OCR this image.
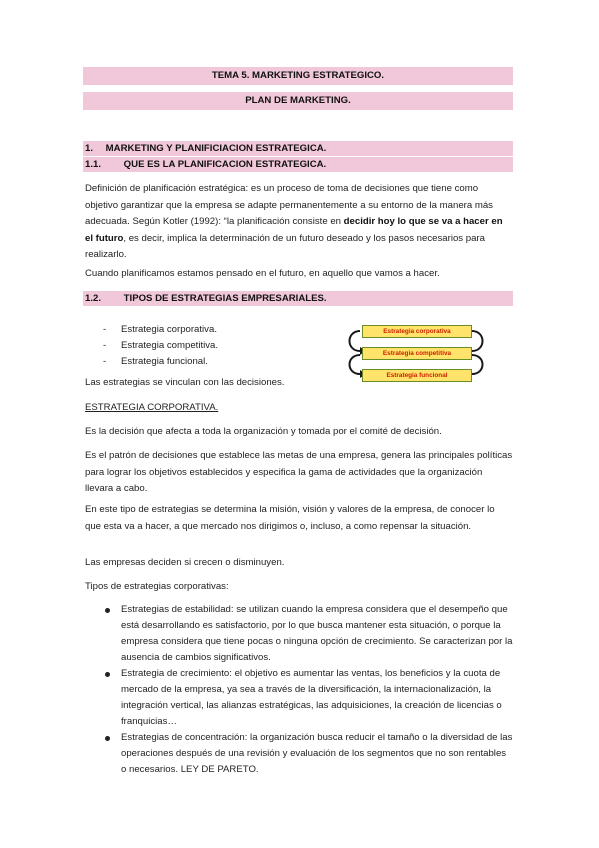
TEMA 5. MARKETING ESTRATEGICO.
PLAN DE MARKETING.
1. MARKETING Y PLANIFICIACION ESTRATEGICA.
1.1. QUE ES LA PLANIFICACION ESTRATEGICA.

Definición de planificación estratégica: es un proceso de toma de decisiones que tiene como objetivo garantizar que la empresa se adapte permanentemente a su entorno de la manera más adecuada. Según Kotler (1992): “la planificación consiste en decidir hoy lo que se va a hacer en el futuro, es decir, implica la determinación de un futuro deseado y los pasos necesarios para realizarlo.

Cuando planificamos estamos pensado en el futuro, en aquello que vamos a hacer.

1.2. TIPOS DE ESTRATEGIAS EMPRESARIALES.
- Estrategia corporativa.
- Estrategia competitiva.
- Estrategia funcional.
Estrategia corporativa
Estrategia competitiva
Estrategia funcional

Las estrategias se vinculan con las decisiones.

ESTRATEGIA CORPORATIVA.

Es la decisión que afecta a toda la organización y tomada por el comité de decisión.

Es el patrón de decisiones que establece las metas de una empresa, genera las principales políticas para lograr los objetivos establecidos y especifica la gama de actividades que la organización llevara a cabo.

En este tipo de estrategias se determina la misión, visión y valores de la empresa, de conocer lo que esta va a hacer, a que mercado nos dirigimos o, incluso, a como repensar la situación.

Las empresas deciden si crecen o disminuyen.

Tipos de estrategias corporativas:

Estrategias de estabilidad: se utilizan cuando la empresa considera que el desempeño que está desarrollando es satisfactorio, por lo que busca mantener esta situación, o porque la empresa considera que tiene pocas o ninguna opción de crecimiento. Se caracterizan por la ausencia de cambios significativos.
Estrategia de crecimiento: el objetivo es aumentar las ventas, los beneficios y la cuota de mercado de la empresa, ya sea a través de la diversificación, la internacionalización, la integración vertical, las alianzas estratégicas, las adquisiciones, la creación de licencias o franquicias…
Estrategias de concentración: la organización busca reducir el tamaño o la diversidad de las operaciones después de una revisión y evaluación de los segmentos que no son rentables o necesarios. LEY DE PARETO.
